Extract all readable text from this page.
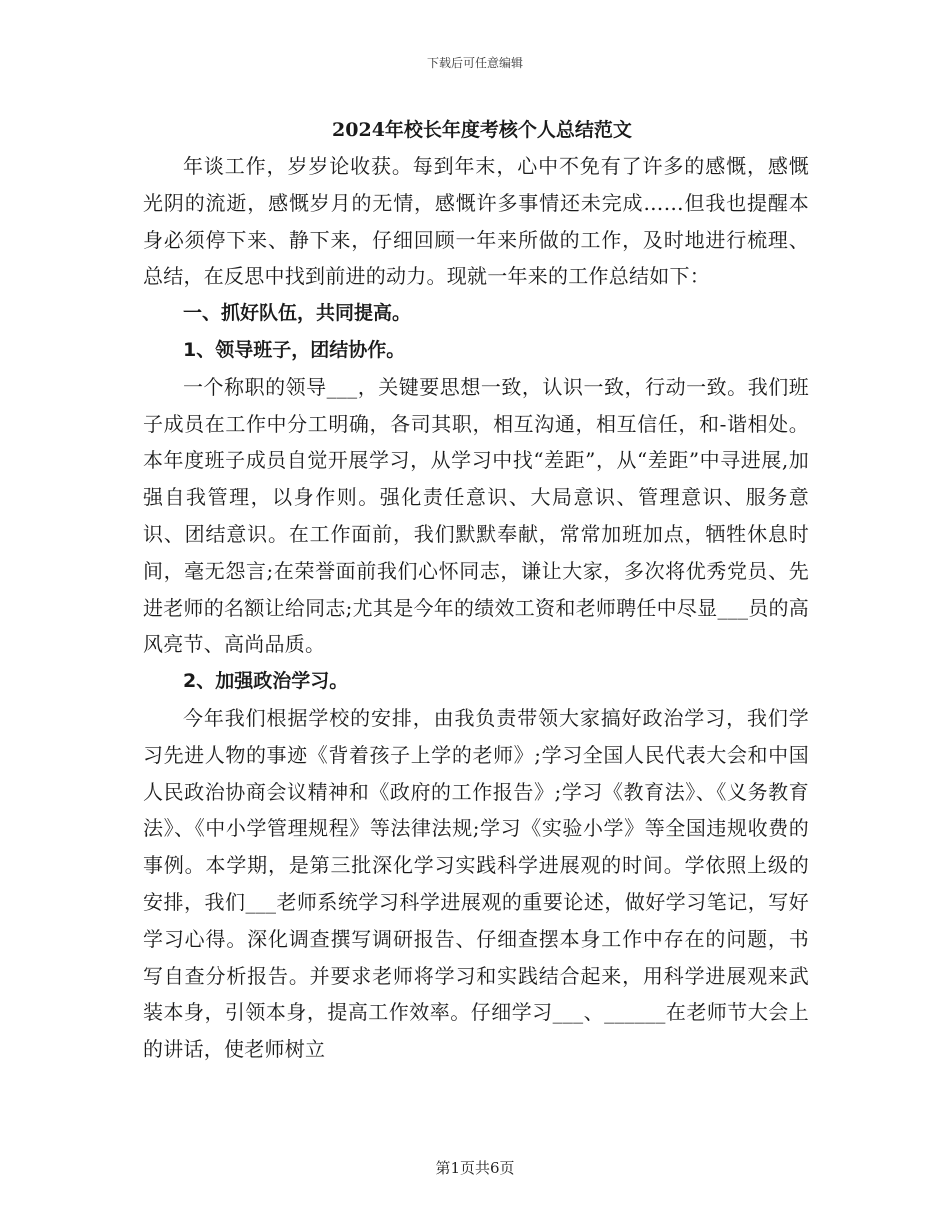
下载后可任意编辑

2024年校长年度考核个人总结范文

年谈工作，岁岁论收获。每到年末，心中不免有了许多的感慨，感慨光阴的流逝，感慨岁月的无情，感慨许多事情还未完成……但我也提醒本身必须停下来、静下来，仔细回顾一年来所做的工作，及时地进行梳理、总结，在反思中找到前进的动力。现就一年来的工作总结如下：

一、抓好队伍，共同提高。

1、领导班子，团结协作。

一个称职的领导___，关键要思想一致，认识一致，行动一致。我们班子成员在工作中分工明确，各司其职，相互沟通，相互信任，和-谐相处。本年度班子成员自觉开展学习，从学习中找“差距”，从“差距”中寻进展,加强自我管理，以身作则。强化责任意识、大局意识、管理意识、服务意识、团结意识。在工作面前，我们默默奉献，常常加班加点，牺牲休息时间，毫无怨言;在荣誉面前我们心怀同志，谦让大家，多次将优秀党员、先进老师的名额让给同志;尤其是今年的绩效工资和老师聘任中尽显___员的高风亮节、高尚品质。

2、加强政治学习。

今年我们根据学校的安排，由我负责带领大家搞好政治学习，我们学习先进人物的事迹《背着孩子上学的老师》;学习全国人民代表大会和中国人民政治协商会议精神和《政府的工作报告》;学习《教育法》、《义务教育法》、《中小学管理规程》等法律法规;学习《实验小学》等全国违规收费的事例。本学期，是第三批深化学习实践科学进展观的时间。学依照上级的安排，我们___老师系统学习科学进展观的重要论述，做好学习笔记，写好学习心得。深化调查撰写调研报告、仔细查摆本身工作中存在的问题，书写自查分析报告。并要求老师将学习和实践结合起来，用科学进展观来武装本身，引领本身，提高工作效率。仔细学习___、______在老师节大会上的讲话，使老师树立

第1页共6页
